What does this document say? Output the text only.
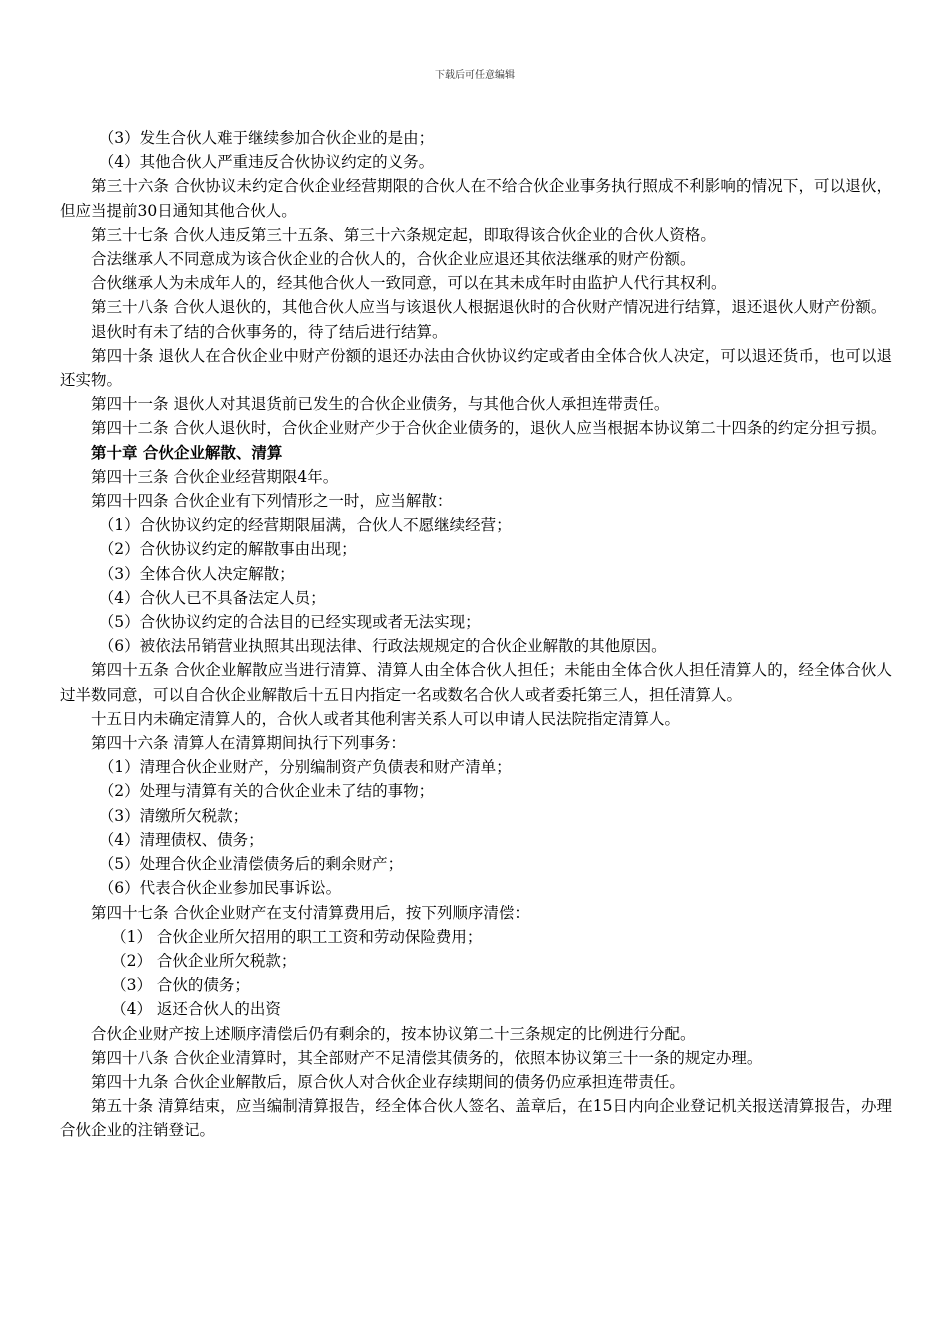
下载后可任意编辑

（3）发生合伙人难于继续参加合伙企业的是由；

（4）其他合伙人严重违反合伙协议约定的义务。

第三十六条 合伙协议未约定合伙企业经营期限的合伙人在不给合伙企业事务执行照成不利影响的情况下，可以退伙，但应当提前30日通知其他合伙人。

第三十七条 合伙人违反第三十五条、第三十六条规定起，即取得该合伙企业的合伙人资格。

合法继承人不同意成为该合伙企业的合伙人的，合伙企业应退还其依法继承的财产份额。

合伙继承人为未成年人的，经其他合伙人一致同意，可以在其未成年时由监护人代行其权利。

第三十八条 合伙人退伙的，其他合伙人应当与该退伙人根据退伙时的合伙财产情况进行结算，退还退伙人财产份额。

退伙时有未了结的合伙事务的，待了结后进行结算。

第四十条 退伙人在合伙企业中财产份额的退还办法由合伙协议约定或者由全体合伙人决定，可以退还货币，也可以退还实物。

第四十一条 退伙人对其退货前已发生的合伙企业债务，与其他合伙人承担连带责任。

第四十二条 合伙人退伙时，合伙企业财产少于合伙企业债务的，退伙人应当根据本协议第二十四条的约定分担亏损。

第十章 合伙企业解散、清算

第四十三条 合伙企业经营期限4年。

第四十四条 合伙企业有下列情形之一时，应当解散：

（1）合伙协议约定的经营期限届满，合伙人不愿继续经营；

（2）合伙协议约定的解散事由出现；

（3）全体合伙人决定解散；

（4）合伙人已不具备法定人员；

（5）合伙协议约定的合法目的已经实现或者无法实现；

（6）被依法吊销营业执照其出现法律、行政法规规定的合伙企业解散的其他原因。

第四十五条 合伙企业解散应当进行清算、清算人由全体合伙人担任；未能由全体合伙人担任清算人的，经全体合伙人过半数同意，可以自合伙企业解散后十五日内指定一名或数名合伙人或者委托第三人，担任清算人。

十五日内未确定清算人的，合伙人或者其他利害关系人可以申请人民法院指定清算人。

第四十六条 清算人在清算期间执行下列事务：

（1）清理合伙企业财产，分别编制资产负债表和财产清单；

（2）处理与清算有关的合伙企业未了结的事物；

（3）清缴所欠税款；

（4）清理债权、债务；

（5）处理合伙企业清偿债务后的剩余财产；

（6）代表合伙企业参加民事诉讼。

第四十七条 合伙企业财产在支付清算费用后，按下列顺序清偿：

（1） 合伙企业所欠招用的职工工资和劳动保险费用；

（2） 合伙企业所欠税款；

（3） 合伙的债务；

（4） 返还合伙人的出资

合伙企业财产按上述顺序清偿后仍有剩余的，按本协议第二十三条规定的比例进行分配。

第四十八条 合伙企业清算时，其全部财产不足清偿其债务的，依照本协议第三十一条的规定办理。

第四十九条 合伙企业解散后，原合伙人对合伙企业存续期间的债务仍应承担连带责任。

第五十条 清算结束，应当编制清算报告，经全体合伙人签名、盖章后，在15日内向企业登记机关报送清算报告，办理合伙企业的注销登记。
